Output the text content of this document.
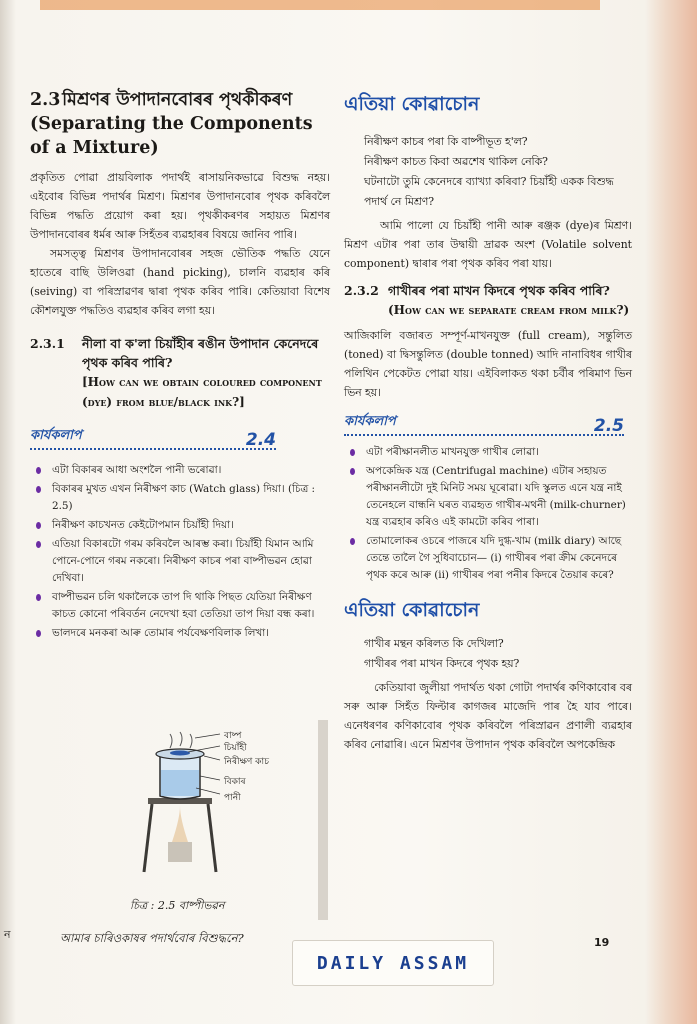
ন
2.3 মিশ্ৰণৰ উপাদানবোৰৰ পৃথকীকৰণ (Separating the Components of a Mixture)

প্ৰকৃতিত পোৱা প্ৰায়বিলাক পদাৰ্থই ৰাসায়নিকভাৱে বিশুদ্ধ নহয়। এইবোৰ বিভিন্ন পদাৰ্থৰ মিশ্ৰণ। মিশ্ৰণৰ উপাদানবোৰ পৃথক কৰিবলৈ বিভিন্ন পদ্ধতি প্ৰয়োগ কৰা হয়। পৃথকীকৰণৰ সহায়ত মিশ্ৰণৰ উপাদানবোৰৰ ধৰ্মৰ আৰু সিহঁতৰ ব্যৱহাৰৰ বিষয়ে জানিব পাৰি।

সমসত্ত্ব মিশ্ৰণৰ উপাদানবোৰৰ সহজ ভৌতিক পদ্ধতি যেনে হাতেৰে বাছি উলিওৱা (hand picking), চালনি ব্যৱহাৰ কৰি (seiving) বা পৰিস্ৰাৱণৰ দ্বাৰা পৃথক কৰিব পাৰি। কেতিয়াবা বিশেষ কৌশলযুক্ত পদ্ধতিও ব্যৱহাৰ কৰিব লগা হয়।

2.3.1	নীলা বা ক'লা চিয়াঁহীৰ ৰঙীন উপাদান কেনেদৰে পৃথক কৰিব পাৰি?
[How can we obtain coloured component (dye) from blue/black ink?]
কাৰ্যকলাপ	2.4
এটা বিকাৰৰ আধা অংশলৈ পানী ভৰোৱা।
বিকাৰৰ মুখত এখন নিৰীক্ষণ কাচ (Watch glass) দিয়া। (চিত্ৰ : 2.5)
নিৰীক্ষণ কাচখনত কেইটোপমান চিয়াঁহী দিয়া।
এতিয়া বিকাৰটো গৰম কৰিবলৈ আৰম্ভ কৰা। চিয়াঁহী যিমান আমি পোনে-পোনে গৰম নকৰো। নিৰীক্ষণ কাচৰ পৰা বাষ্পীভৱন হোৱা দেখিবা।
বাষ্পীভৱন চলি থকালৈকে তাপ দি থাকি পিছত যেতিয়া নিৰীক্ষণ কাচত কোনো পৰিবৰ্তন নেদেখা হবা তেতিয়া তাপ দিয়া বন্ধ কৰা।
ভালদৰে মনকৰা আৰু তোমাৰ পৰ্যবেক্ষণবিলাক লিখা।
বাষ্প
চিয়াঁহী
নিৰীক্ষণ কাচ
বিকাৰ
পানী
চিত্ৰ : 2.5 বাষ্পীভৱন
আমাৰ চাৰিওকাষৰ পদাৰ্থবোৰ বিশুদ্ধনে?
এতিয়া কোৱাচোন
নিৰীক্ষণ কাচৰ পৰা কি বাষ্পীভূত হ'ল?
নিৰীক্ষণ কাচত কিবা অৱশেষ থাকিল নেকি?
ঘটনাটো তুমি কেনেদৰে ব্যাখ্যা কৰিবা? চিয়াঁহী একক বিশুদ্ধ পদাৰ্থ নে মিশ্ৰণ?

আমি পালো যে চিয়াঁহী পানী আৰু ৰঞ্জক (dye)ৰ মিশ্ৰণ। মিশ্ৰণ এটাৰ পৰা তাৰ উদ্বায়ী দ্ৰাৱক অংশ (Volatile solvent component) দ্বাৰাৰ পৰা পৃথক কৰিব পৰা যায়।

2.3.2 গাখীৰৰ পৰা মাখন কিদৰে পৃথক কৰিব পাৰি?
(How can we separate cream from milk?)

আজিকালি বজাৰত সম্পূৰ্ণ-মাখনযুক্ত (full cream), সন্তুলিত (toned) বা দ্বিসন্তুলিত (double tonned) আদি নানাবিধৰ গাখীৰ পলিথিন পেকেটত পোৱা যায়। এইবিলাকত থকা চৰ্বীৰ পৰিমাণ ভিন ভিন হয়।

কাৰ্যকলাপ	2.5
এটা পৰীক্ষানলীত মাখনযুক্ত গাখীৰ লোৱা।
অপকেন্দ্ৰিক যন্ত্ৰ (Centrifugal machine) এটাৰ সহায়ত পৰীক্ষানলীটো দুই মিনিট সময় ঘূৰোৱা। যদি স্কুলত এনে যন্ত্ৰ নাই তেনেহলে বান্ধনি ঘৰত ব্যৱহৃত গাখীৰ-মথনী (milk-churner) যন্ত্ৰ ব্যৱহাৰ কৰিও এই কামটো কৰিব পাৰা।
তোমালোকৰ ওচৰে পাজৰে যদি দুগ্ধ-খাম (milk diary) আছে তেন্তে তালৈ গৈ সুধিবাচোন— (i) গাখীৰৰ পৰা ক্ৰীম কেনেদৰে পৃথক কৰে আৰু (ii) গাখীৰৰ পৰা পনীৰ কিদৰে তৈয়াৰ কৰে?
এতিয়া কোৱাচোন
গাখীৰ মন্থন কৰিলত কি দেখিলা?
গাখীৰৰ পৰা মাখন কিদৰে পৃথক হয়?

কেতিয়াবা জুলীয়া পদাৰ্থত থকা গোটা পদাৰ্থৰ কণিকাবোৰ বৰ সৰু আৰু সিহঁত ফিল্টাৰ কাগজৰ মাজেদি পাৰ হৈ যাব পাৰে। এনেধৰণৰ কণিকাবোৰ পৃথক কৰিবলৈ পৰিস্ৰাৱন প্ৰণালী ব্যৱহাৰ কৰিব নোৱাৰি। এনে মিশ্ৰণৰ উপাদান পৃথক কৰিবলৈ অপকেন্দ্ৰিক

19
DAILY ASSAM
